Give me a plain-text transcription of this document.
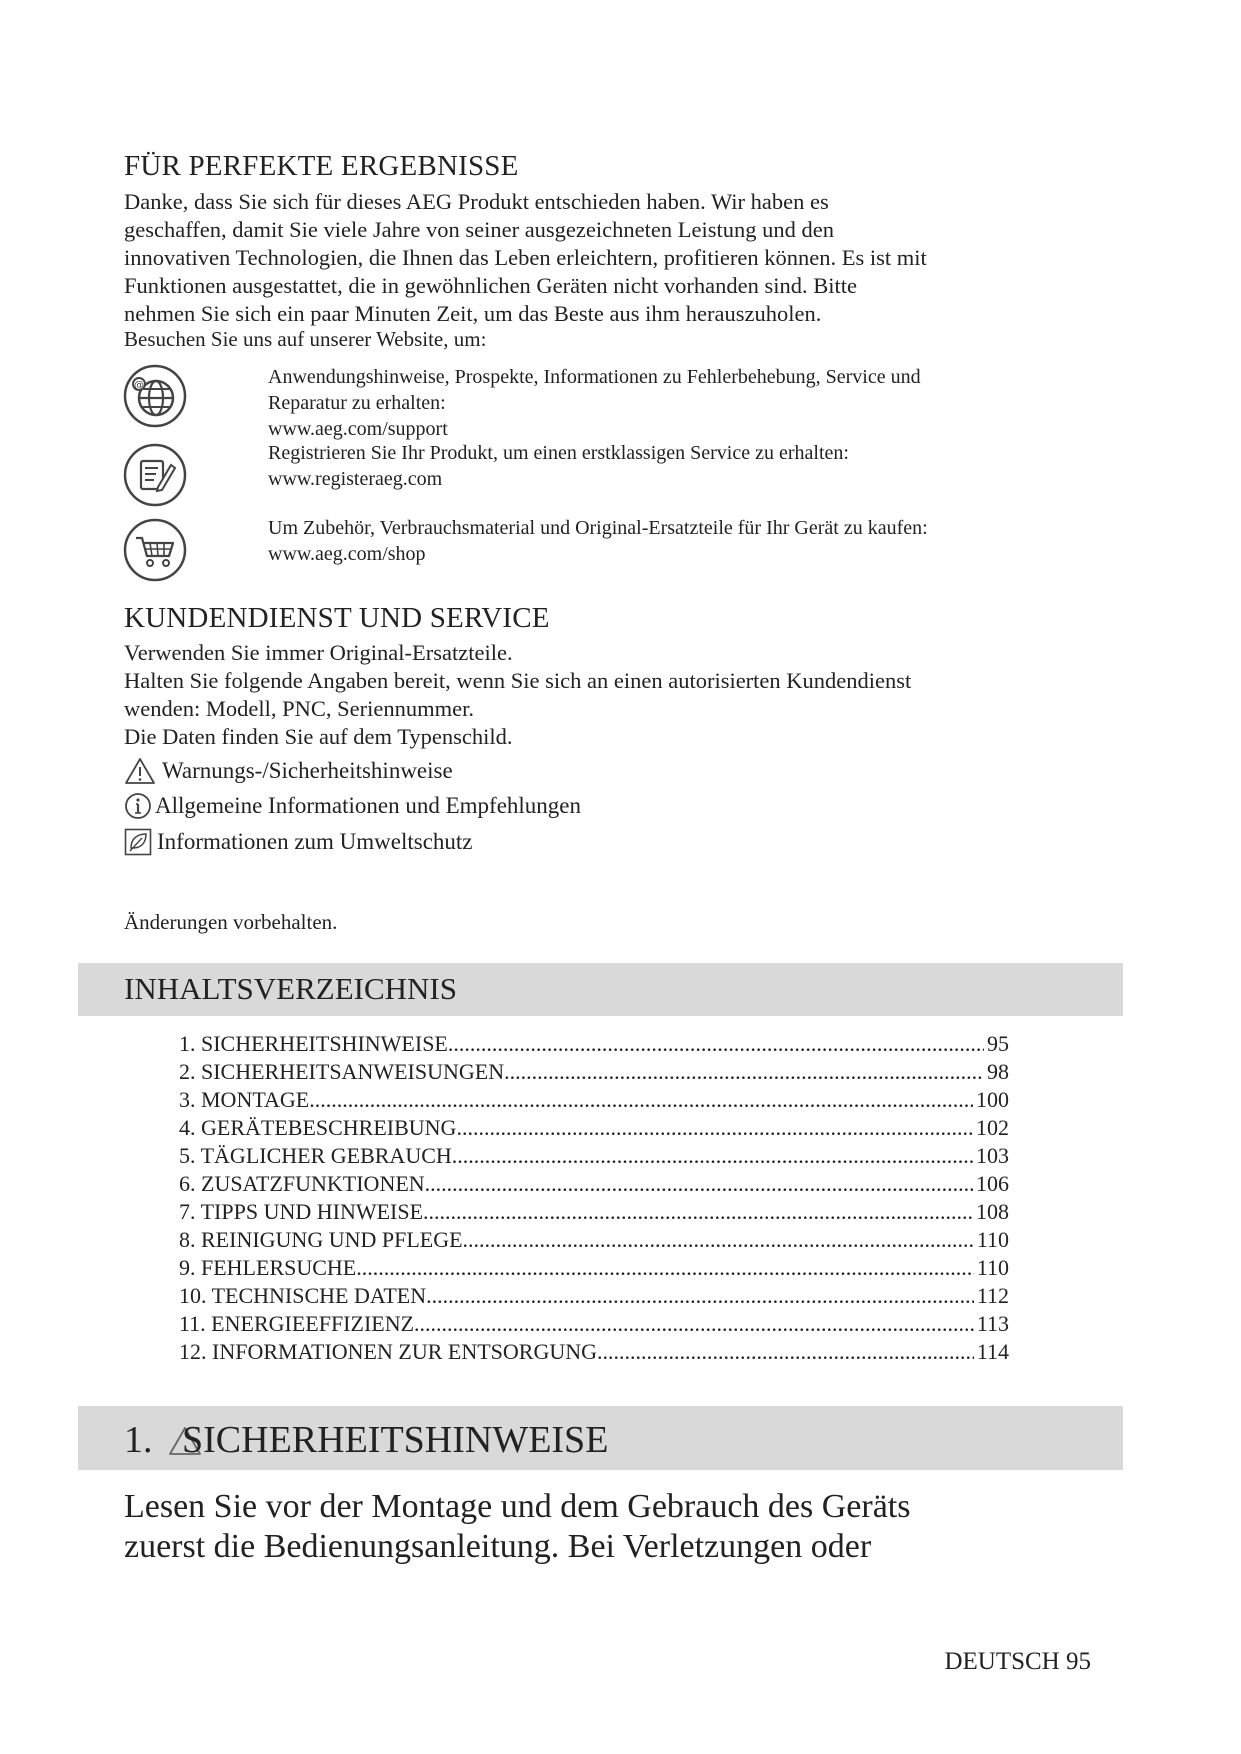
FÜR PERFEKTE ERGEBNISSE

Danke, dass Sie sich für dieses AEG Produkt entschieden haben. Wir haben es

geschaffen, damit Sie viele Jahre von seiner ausgezeichneten Leistung und den

innovativen Technologien, die Ihnen das Leben erleichtern, profitieren können. Es ist mit

Funktionen ausgestattet, die in gewöhnlichen Geräten nicht vorhanden sind. Bitte

nehmen Sie sich ein paar Minuten Zeit, um das Beste aus ihm herauszuholen.

Besuchen Sie uns auf unserer Website, um:
@	Anwendungshinweise, Prospekte, Informationen zu Fehlerbehebung, Service und

Reparatur zu erhalten:

www.aeg.com/support

Registrieren Sie Ihr Produkt, um einen erstklassigen Service zu erhalten:

www.registeraeg.com

Um Zubehör, Verbrauchsmaterial und Original-Ersatzteile für Ihr Gerät zu kaufen:

www.aeg.com/shop

KUNDENDIENST UND SERVICE

Verwenden Sie immer Original-Ersatzteile.

Halten Sie folgende Angaben bereit, wenn Sie sich an einen autorisierten Kundendienst

wenden: Modell, PNC, Seriennummer.

Die Daten finden Sie auf dem Typenschild.

Warnungs-/Sicherheitshinweise
Allgemeine Informationen und Empfehlungen
Informationen zum Umweltschutz
Änderungen vorbehalten.
INHALTSVERZEICHNIS
1. SICHERHEITSHINWEISE .....	95
2. SICHERHEITSANWEISUNGEN .....	98
3. MONTAGE .....	100
4. GERÄTEBESCHREIBUNG .....	102
5. TÄGLICHER GEBRAUCH .....	103
6. ZUSATZFUNKTIONEN .....	106
7. TIPPS UND HINWEISE .....	108
8. REINIGUNG UND PFLEGE .....	110
9. FEHLERSUCHE .....	110
10. TECHNISCHE DATEN .....	112
11. ENERGIEEFFIZIENZ .....	113
12. INFORMATIONEN ZUR ENTSORGUNG .....	114
1. SICHERHEITSHINWEISE

Lesen Sie vor der Montage und dem Gebrauch des Geräts

zuerst die Bedienungsanleitung. Bei Verletzungen oder

DEUTSCH 95
